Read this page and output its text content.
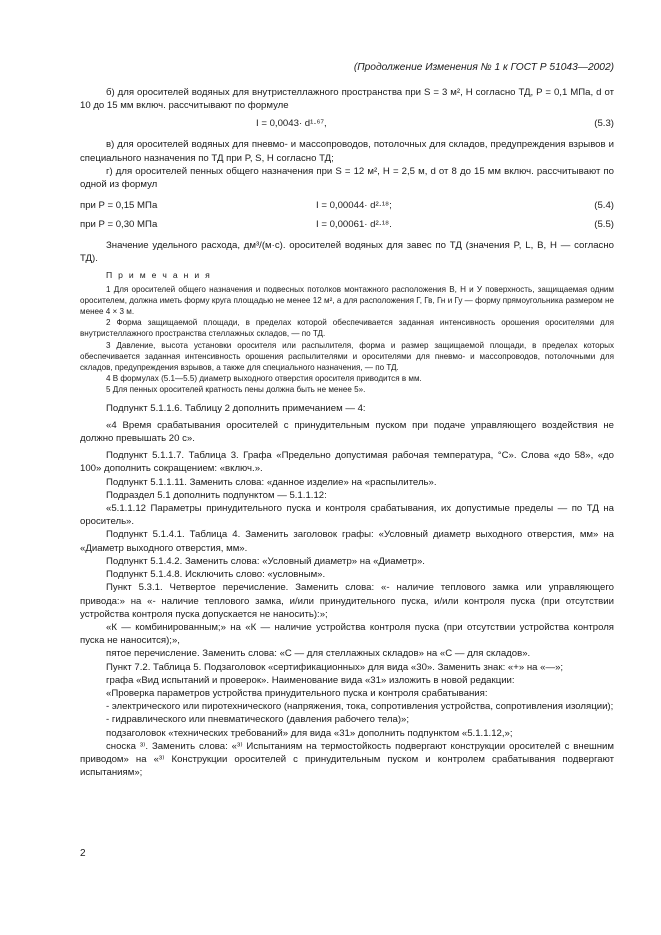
(Продолжение Изменения № 1 к ГОСТ Р 51043—2002)

б) для оросителей водяных для внутристеллажного пространства при S = 3 м², H согласно ТД, P = 0,1 МПа, d от 10 до 15 мм включ. рассчитывают по формуле

I = 0,0043· d¹·⁶⁷,	(5.3)

в) для оросителей водяных для пневмо- и массопроводов, потолочных для складов, предупреждения взрывов и специального назначения по ТД при P, S, H согласно ТД;

г) для оросителей пенных общего назначения при S = 12 м², H = 2,5 м, d от 8 до 15 мм включ. рассчитывают по одной из формул

при P = 0,15 МПа	I = 0,00044· d²·¹⁸;	(5.4)
при P = 0,30 МПа	I = 0,00061· d²·¹⁸.	(5.5)

Значение удельного расхода, дм³/(м·с). оросителей водяных для завес по ТД (значения P, L, B, H — согласно ТД).

П р и м е ч а н и я

1 Для оросителей общего назначения и подвесных потолков монтажного расположения В, Н и У поверхность, защищаемая одним оросителем, должна иметь форму круга площадью не менее 12 м², а для расположения Г, Гв, Гн и Гу — форму прямоугольника размером не менее 4 × 3 м.

2 Форма защищаемой площади, в пределах которой обеспечивается заданная интенсивность орошения оросителями для внутристеллажного пространства стеллажных складов, — по ТД.

3 Давление, высота установки оросителя или распылителя, форма и размер защищаемой площади, в пределах которых обеспечивается заданная интенсивность орошения распылителями и оросителями для пневмо- и массопроводов, потолочными для складов, предупреждения взрывов, а также для специального назначения, — по ТД.

4 В формулах (5.1—5.5) диаметр выходного отверстия оросителя приводится в мм.

5 Для пенных оросителей кратность пены должна быть не менее 5».

Подпункт 5.1.1.6. Таблицу 2 дополнить примечанием — 4:

«4 Время срабатывания оросителей с принудительным пуском при подаче управляющего воздействия не должно превышать 20 с».

Подпункт 5.1.1.7. Таблица 3. Графа «Предельно допустимая рабочая температура, °С». Слова «до 58», «до 100» дополнить сокращением: «включ.».

Подпункт 5.1.1.11. Заменить слова: «данное изделие» на «распылитель».

Подраздел 5.1 дополнить подпунктом — 5.1.1.12:

«5.1.1.12 Параметры принудительного пуска и контроля срабатывания, их допустимые пределы — по ТД на ороситель».

Подпункт 5.1.4.1. Таблица 4. Заменить заголовок графы: «Условный диаметр выходного отверстия, мм» на «Диаметр выходного отверстия, мм».

Подпункт 5.1.4.2. Заменить слова: «Условный диаметр» на «Диаметр».

Подпункт 5.1.4.8. Исключить слово: «условным».

Пункт 5.3.1. Четвертое перечисление. Заменить слова: «- наличие теплового замка или управляющего привода:» на «- наличие теплового замка, и/или принудительного пуска, и/или контроля пуска (при отсутствии устройства контроля пуска допускается не наносить):»;

«К — комбинированным;» на «К — наличие устройства контроля пуска (при отсутствии устройства контроля пуска не наносится);»,

пятое перечисление. Заменить слова: «С — для стеллажных складов» на «С — для складов».

Пункт 7.2. Таблица 5. Подзаголовок «сертификационных» для вида «30». Заменить знак: «+» на «—»;

графа «Вид испытаний и проверок». Наименование вида «31» изложить в новой редакции:

«Проверка параметров устройства принудительного пуска и контроля срабатывания:

- электрического или пиротехнического (напряжения, тока, сопротивления устройства, сопротивления изоляции);

- гидравлического или пневматического (давления рабочего тела)»;

подзаголовок «технических требований» для вида «31» дополнить подпунктом «5.1.1.12,»;

сноска ³⁾. Заменить слова: «³⁾ Испытаниям на термостойкость подвергают конструкции оросителей с внешним приводом» на «³⁾ Конструкции оросителей с принудительным пуском и контролем срабатывания подвергают испытаниям»;

2
